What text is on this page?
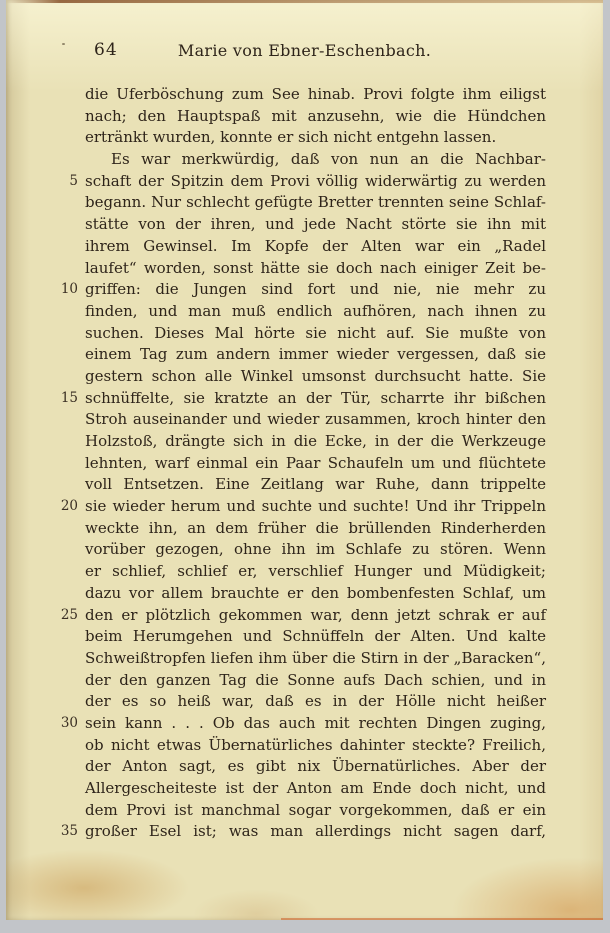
64	Marie von Ebner-Eschenbach.
die Uferböschung zum See hinab. Provi folgte ihm eiligst
nach; den Hauptspaß mit anzusehn, wie die Hündchen
ertränkt wurden, konnte er sich nicht entgehn lassen.
Es war merkwürdig, daß von nun an die Nachbar-
5 schaft der Spitzin dem Provi völlig widerwärtig zu werden
begann. Nur schlecht gefügte Bretter trennten seine Schlaf-
stätte von der ihren, und jede Nacht störte sie ihn mit
ihrem Gewinsel. Im Kopfe der Alten war ein „Radel
laufet“ worden, sonst hätte sie doch nach einiger Zeit be-
10 griffen: die Jungen sind fort und nie, nie mehr zu
finden, und man muß endlich aufhören, nach ihnen zu
suchen. Dieses Mal hörte sie nicht auf. Sie mußte von
einem Tag zum andern immer wieder vergessen, daß sie
gestern schon alle Winkel umsonst durchsucht hatte. Sie
15 schnüffelte, sie kratzte an der Tür, scharrte ihr bißchen
Stroh auseinander und wieder zusammen, kroch hinter den
Holzstoß, drängte sich in die Ecke, in der die Werkzeuge
lehnten, warf einmal ein Paar Schaufeln um und flüchtete
voll Entsetzen. Eine Zeitlang war Ruhe, dann trippelte
20 sie wieder herum und suchte und suchte! Und ihr Trippeln
weckte ihn, an dem früher die brüllenden Rinderherden
vorüber gezogen, ohne ihn im Schlafe zu stören. Wenn
er schlief, schlief er, verschlief Hunger und Müdigkeit;
dazu vor allem brauchte er den bombenfesten Schlaf, um
25 den er plötzlich gekommen war, denn jetzt schrak er auf
beim Herumgehen und Schnüffeln der Alten. Und kalte
Schweißtropfen liefen ihm über die Stirn in der „Baracken“,
der den ganzen Tag die Sonne aufs Dach schien, und in
der es so heiß war, daß es in der Hölle nicht heißer
30 sein kann . . . Ob das auch mit rechten Dingen zuging,
ob nicht etwas Übernatürliches dahinter steckte? Freilich,
der Anton sagt, es gibt nix Übernatürliches. Aber der
Allergescheiteste ist der Anton am Ende doch nicht, und
dem Provi ist manchmal sogar vorgekommen, daß er ein
35 großer Esel ist; was man allerdings nicht sagen darf,
